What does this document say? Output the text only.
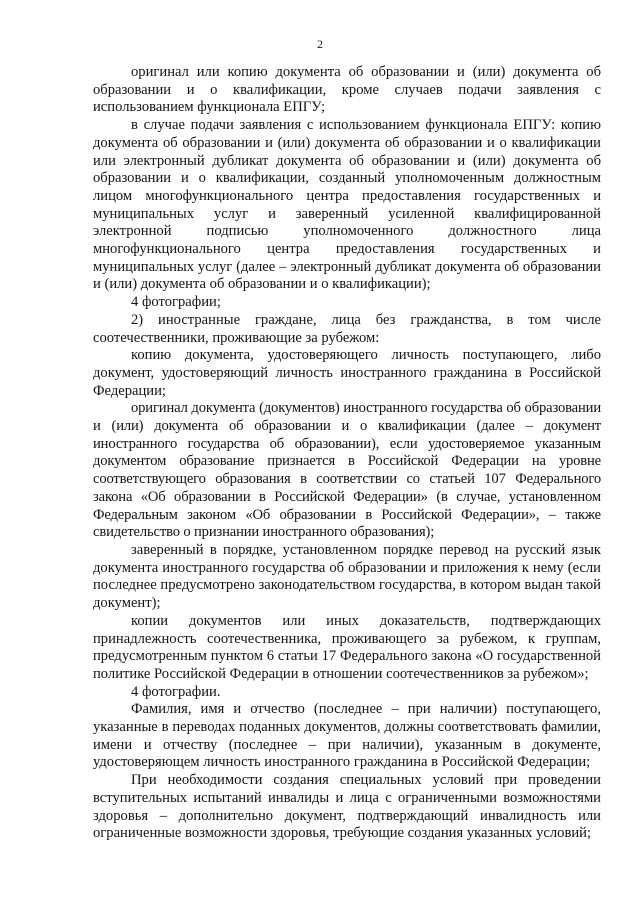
2

оригинал или копию документа об образовании и (или) документа об образовании и о квалификации, кроме случаев подачи заявления с использованием функционала ЕПГУ;

в случае подачи заявления с использованием функционала ЕПГУ: копию документа об образовании и (или) документа об образовании и о квалификации или электронный дубликат документа об образовании и (или) документа об образовании и о квалификации, созданный уполномоченным должностным лицом многофункционального центра предоставления государственных и муниципальных услуг и заверенный усиленной квалифицированной электронной подписью уполномоченного должностного лица многофункционального центра предоставления государственных и муниципальных услуг (далее – электронный дубликат документа об образовании и (или) документа об образовании и о квалификации);

4 фотографии;

2) иностранные граждане, лица без гражданства, в том числе соотечественники, проживающие за рубежом:

копию документа, удостоверяющего личность поступающего, либо документ, удостоверяющий личность иностранного гражданина в Российской Федерации;

оригинал документа (документов) иностранного государства об образовании и (или) документа об образовании и о квалификации (далее – документ иностранного государства об образовании), если удостоверяемое указанным документом образование признается в Российской Федерации на уровне соответствующего образования в соответствии со статьей 107 Федерального закона «Об образовании в Российской Федерации» (в случае, установленном Федеральным законом «Об образовании в Российской Федерации», – также свидетельство о признании иностранного образования);

заверенный в порядке, установленном порядке перевод на русский язык документа иностранного государства об образовании и приложения к нему (если последнее предусмотрено законодательством государства, в котором выдан такой документ);

копии документов или иных доказательств, подтверждающих принадлежность соотечественника, проживающего за рубежом, к группам, предусмотренным пунктом 6 статьи 17 Федерального закона «О государственной политике Российской Федерации в отношении соотечественников за рубежом»;

4 фотографии.

Фамилия, имя и отчество (последнее – при наличии) поступающего, указанные в переводах поданных документов, должны соответствовать фамилии, имени и отчеству (последнее – при наличии), указанным в документе, удостоверяющем личность иностранного гражданина в Российской Федерации;

При необходимости создания специальных условий при проведении вступительных испытаний инвалиды и лица с ограниченными возможностями здоровья – дополнительно документ, подтверждающий инвалидность или ограниченные возможности здоровья, требующие создания указанных условий;
